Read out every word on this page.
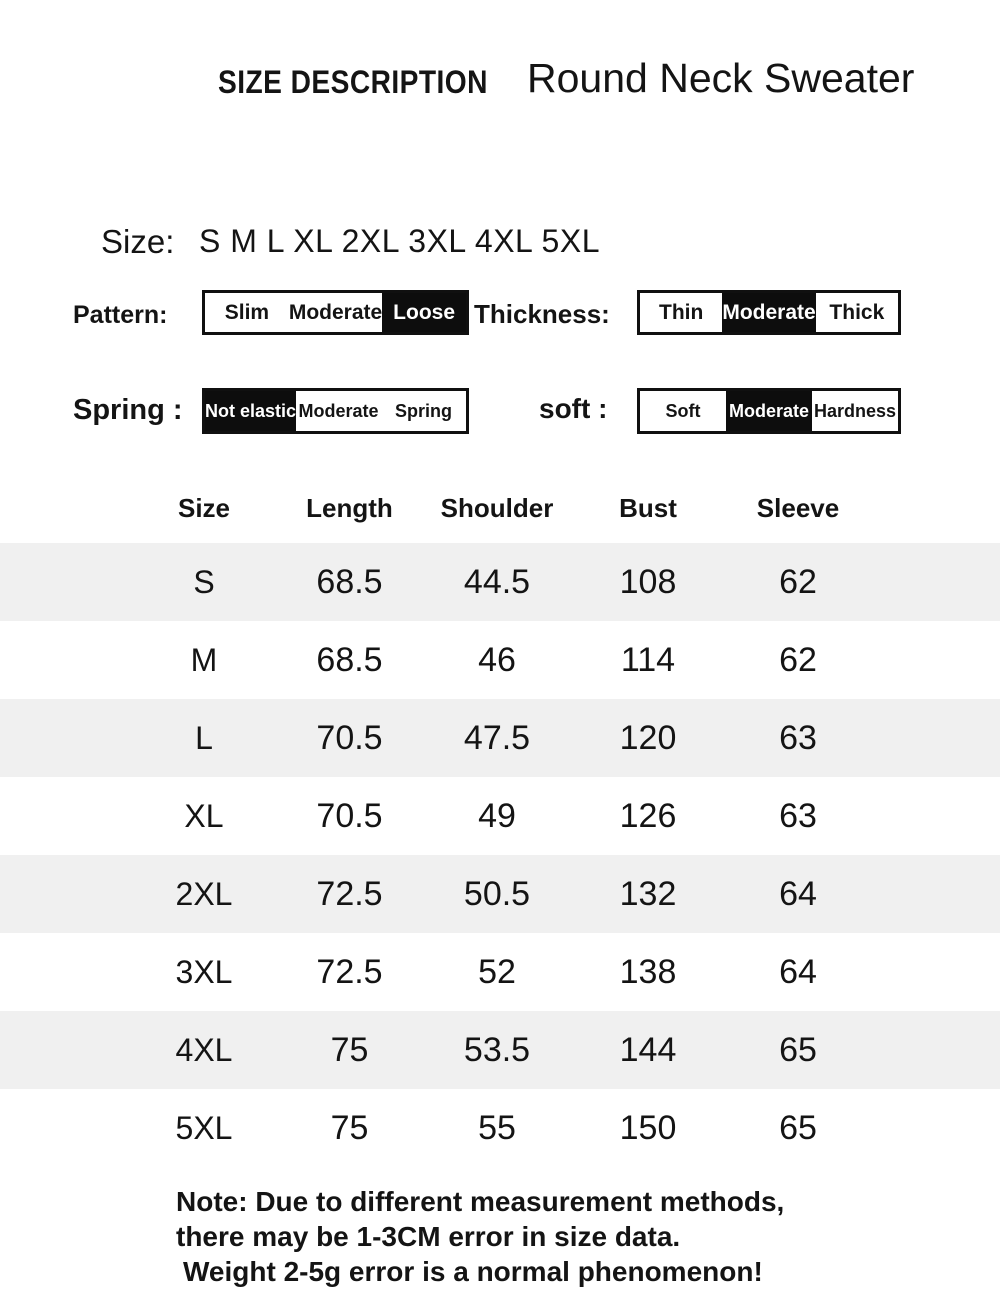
SIZE DESCRIPTION Round Neck Sweater
Size: S M L XL 2XL 3XL 4XL 5XL
Pattern:	Slim Moderate Loose Thickness:	Thin Moderate Thick
Spring : Not elastic Moderate Spring	soft :	Soft	Moderate Hardness
Size	Length	Shoulder	Bust	Sleeve
S	68.5	44.5	108	62
M	68.5	46	114	62
L	70.5	47.5	120	63
XL	70.5	49	126	63
2XL	72.5	50.5	132	64
3XL	72.5	52	138	64
4XL	75	53.5	144	65
5XL	75	55	150	65
Note: Due to different measurement methods,
there may be 1-3CM error in size data.
Weight 2-5g error is a normal phenomenon!
